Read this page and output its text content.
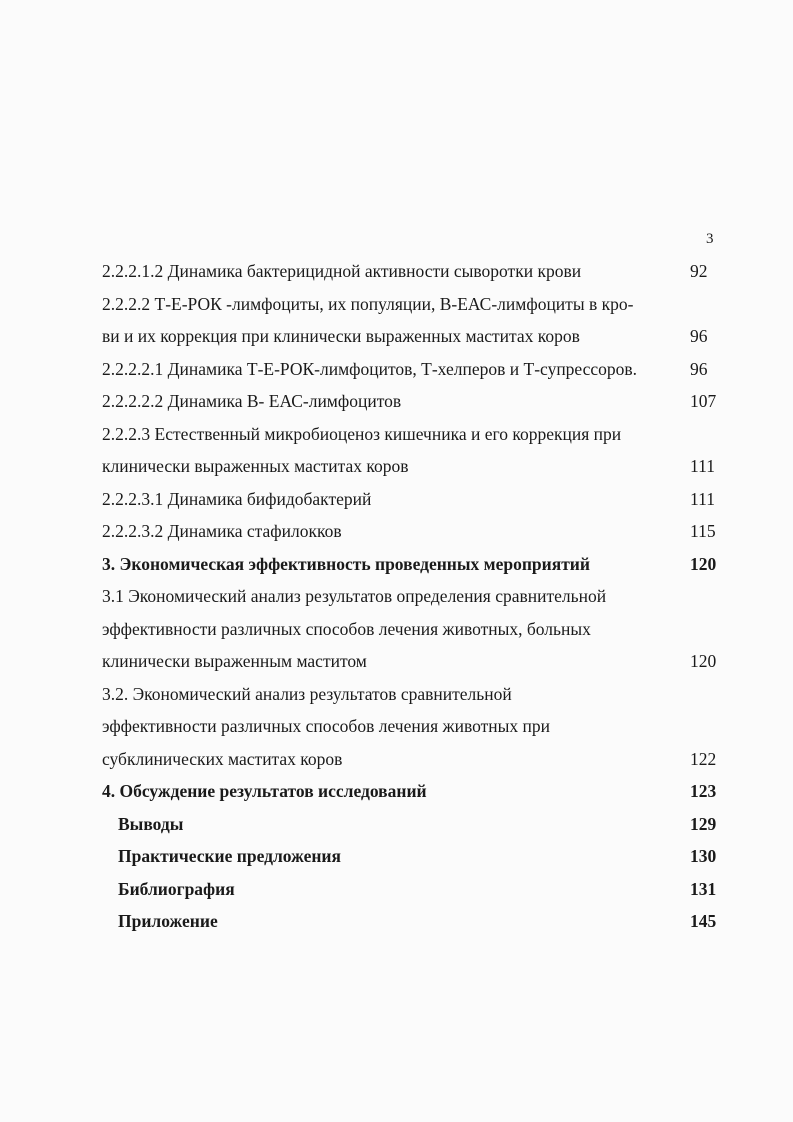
3
2.2.2.1.2 Динамика бактерицидной активности сыворотки крови	92
2.2.2.2 Т-Е-РОК -лимфоциты, их популяции, В-ЕАС-лимфоциты в кро-
ви и их коррекция при клинически выраженных маститах коров	96
2.2.2.2.1 Динамика Т-Е-РОК-лимфоцитов, Т-хелперов и Т-супрессоров.	96
2.2.2.2.2 Динамика В- ЕАС-лимфоцитов	107
2.2.2.3 Естественный микробиоценоз кишечника и его коррекция при
клинически выраженных маститах коров	111
2.2.2.3.1 Динамика бифидобактерий	111
2.2.2.3.2 Динамика стафилокков	115
3. Экономическая эффективность проведенных мероприятий	120
3.1 Экономический анализ результатов определения сравнительной
эффективности различных способов лечения животных, больных
клинически выраженным маститом	120
3.2. Экономический анализ результатов сравнительной
эффективности различных способов лечения животных при
субклинических маститах коров	122
4. Обсуждение результатов исследований	123
Выводы	129
Практические предложения	130
Библиография	131
Приложение	145
